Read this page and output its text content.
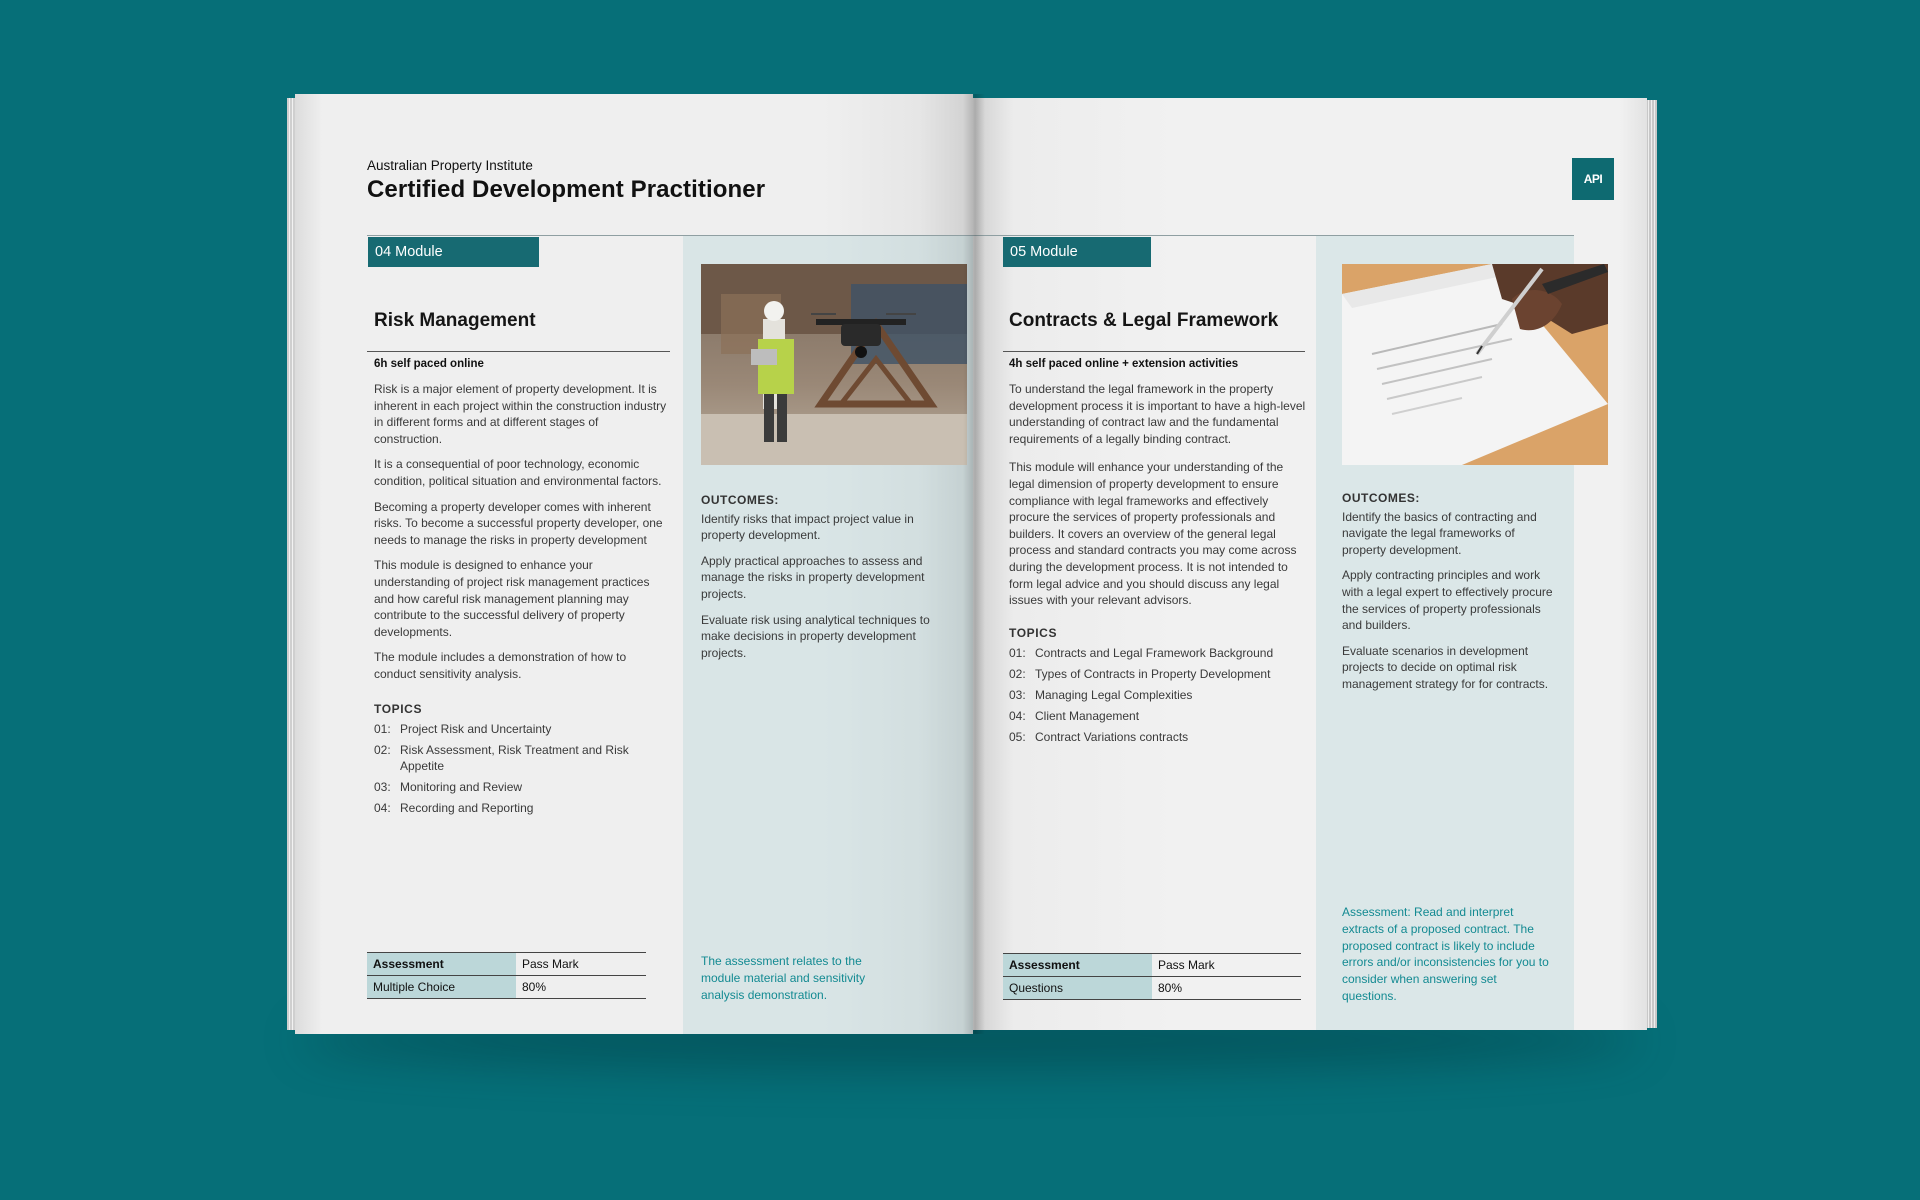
Australian Property Institute
Certified Development Practitioner
04 Module
Risk Management
6h self paced online

Risk is a major element of property development. It is inherent in each project within the construction industry in different forms and at different stages of construction.

It is a consequential of poor technology, economic condition, political situation and environmental factors.

Becoming a property developer comes with inherent risks. To become a successful property developer, one needs to manage the risks in property development

This module is designed to enhance your understanding of project risk management practices and how careful risk management planning may contribute to the successful delivery of property developments.

The module includes a demonstration of how to conduct sensitivity analysis.

TOPICS
01: Project Risk and Uncertainty
02: Risk Assessment, Risk Treatment and Risk Appetite
03: Monitoring and Review
04: Recording and Reporting
OUTCOMES:

Identify risks that impact project value in property development.

Apply practical approaches to assess and manage the risks in property development projects.

Evaluate risk using analytical techniques to make decisions in property development projects.

The assessment relates to the module material and sensitivity analysis demonstration.
Assessment	Pass Mark
Multiple Choice	80%
API
05 Module
Contracts & Legal Framework
4h self paced online + extension activities

To understand the legal framework in the property development process it is important to have a high-level understanding of contract law and the fundamental requirements of a legally binding contract.

This module will enhance your understanding of the legal dimension of property development to ensure compliance with legal frameworks and effectively procure the services of property professionals and builders. It covers an overview of the general legal process and standard contracts you may come across during the development process. It is not intended to form legal advice and you should discuss any legal issues with your relevant advisors.

TOPICS
01: Contracts and Legal Framework Background
02: Types of Contracts in Property Development
03: Managing Legal Complexities
04: Client Management
05: Contract Variations contracts
OUTCOMES:

Identify the basics of contracting and navigate the legal frameworks of property development.

Apply contracting principles and work with a legal expert to effectively procure the services of property professionals and builders.

Evaluate scenarios in development projects to decide on optimal risk management strategy for for contracts.

Assessment: Read and interpret extracts of a proposed contract. The proposed contract is likely to include errors and/or inconsistencies for you to consider when answering set questions.
Assessment	Pass Mark
Questions	80%
